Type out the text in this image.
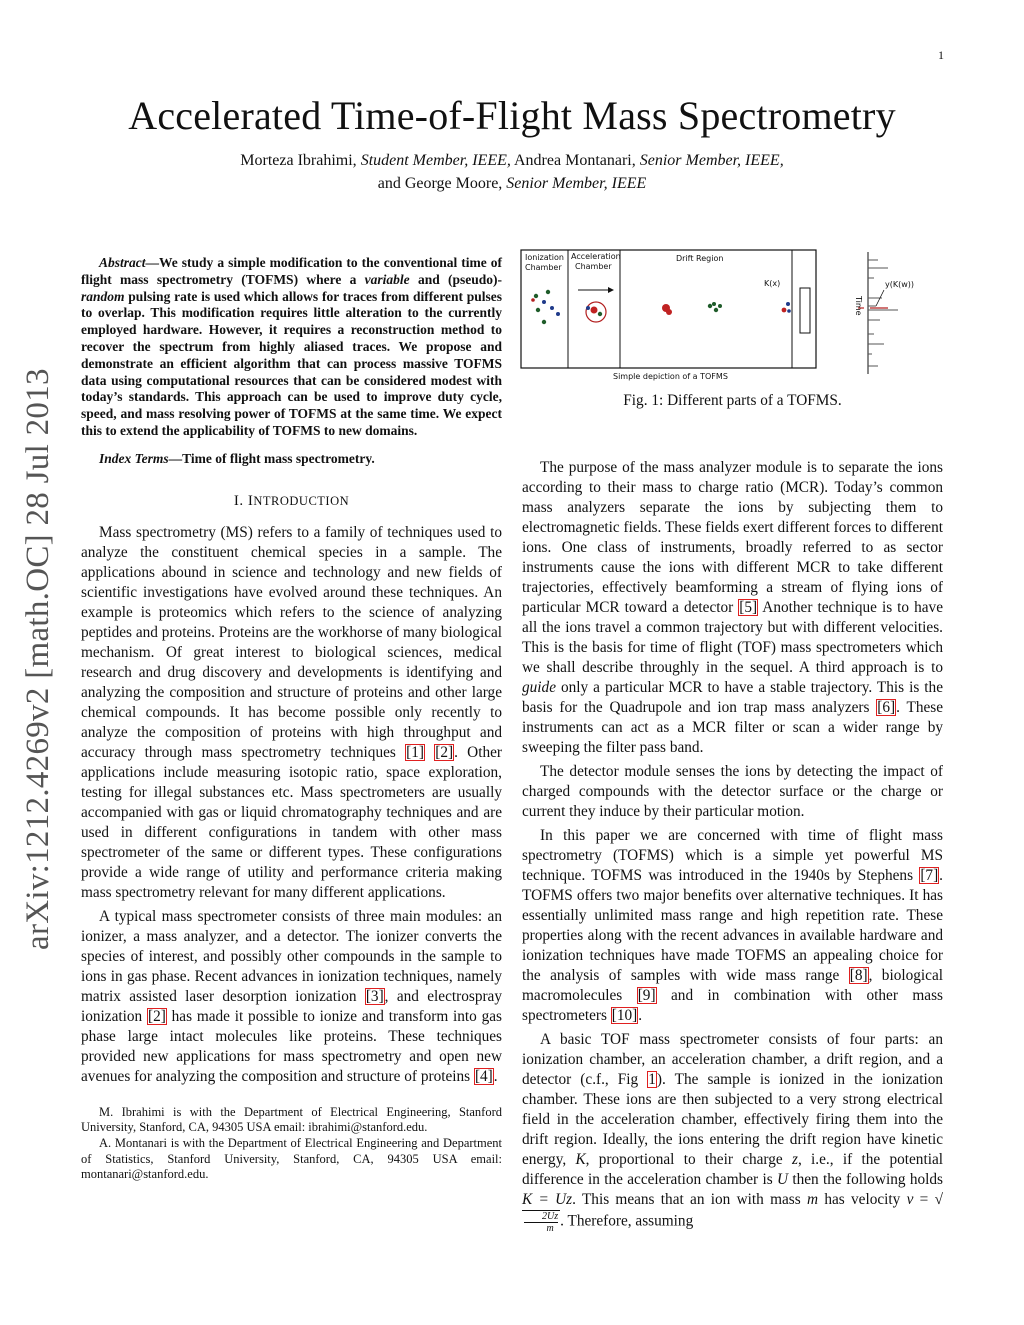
1
Accelerated Time-of-Flight Mass Spectrometry
Morteza Ibrahimi, Student Member, IEEE, Andrea Montanari, Senior Member, IEEE,
and George Moore, Senior Member, IEEE
arXiv:1212.4269v2 [math.OC] 28 Jul 2013

Abstract—We study a simple modification to the conventional time of flight mass spectrometry (TOFMS) where a variable and (pseudo)-random pulsing rate is used which allows for traces from different pulses to overlap. This modification requires little alteration to the currently employed hardware. However, it requires a reconstruction method to recover the spectrum from highly aliased traces. We propose and demonstrate an efficient algorithm that can process massive TOFMS data using computational resources that can be considered modest with today’s standards. This approach can be used to improve duty cycle, speed, and mass resolving power of TOFMS at the same time. We expect this to extend the applicability of TOFMS to new domains.

Index Terms—Time of flight mass spectrometry.

I. INTRODUCTION

Mass spectrometry (MS) refers to a family of techniques used to analyze the constituent chemical species in a sample. The applications abound in science and technology and new fields of scientific investigations have evolved around these techniques. An example is proteomics which refers to the science of analyzing peptides and proteins. Proteins are the workhorse of many biological mechanism. Of great interest to biological sciences, medical research and drug discovery and developments is identifying and analyzing the composition and structure of proteins and other large chemical compounds. It has become possible only recently to analyze the composition of proteins with high throughput and accuracy through mass spectrometry techniques [1] [2]. Other applications include measuring isotopic ratio, space exploration, testing for illegal substances etc. Mass spectrometers are usually accompanied with gas or liquid chromatography techniques and are used in different configurations in tandem with other mass spectrometer of the same or different types. These configurations provide a wide range of utility and performance criteria making mass spectrometry relevant for many different applications.

A typical mass spectrometer consists of three main modules: an ionizer, a mass analyzer, and a detector. The ionizer converts the species of interest, and possibly other compounds in the sample to ions in gas phase. Recent advances in ionization techniques, namely matrix assisted laser desorption ionization [3], and electrospray ionization [2] has made it possible to ionize and transform into gas phase large intact molecules like proteins. These techniques provided new applications for mass spectrometry and open new avenues for analyzing the composition and structure of proteins [4].

M. Ibrahimi is with the Department of Electrical Engineering, Stanford University, Stanford, CA, 94305 USA email: ibrahimi@stanford.edu.

A. Montanari is with the Department of Electrical Engineering and Department of Statistics, Stanford University, Stanford, CA, 94305 USA email: montanari@stanford.edu.

Ionization
Chamber
Acceleration
Chamber
Drift Region
K(x)
Time
y(K(w))
Simple depiction of a TOFMS
Fig. 1: Different parts of a TOFMS.

The purpose of the mass analyzer module is to separate the ions according to their mass to charge ratio (MCR). Today’s common mass analyzers separate the ions by subjecting them to electromagnetic fields. These fields exert different forces to different ions. One class of instruments, broadly referred to as sector instruments cause the ions with different MCR to take different trajectories, effectively beamforming a stream of flying ions of particular MCR toward a detector [5] Another technique is to have all the ions travel a common trajectory but with different velocities. This is the basis for time of flight (TOF) mass spectrometers which we shall describe throughly in the sequel. A third approach is to guide only a particular MCR to have a stable trajectory. This is the basis for the Quadrupole and ion trap mass analyzers [6]. These instruments can act as a MCR filter or scan a wider range by sweeping the filter pass band.

The detector module senses the ions by detecting the impact of charged compounds with the detector surface or the charge or current they induce by their particular motion.

In this paper we are concerned with time of flight mass spectrometry (TOFMS) which is a simple yet powerful MS technique. TOFMS was introduced in the 1940s by Stephens [7]. TOFMS offers two major benefits over alternative techniques. It has essentially unlimited mass range and high repetition rate. These properties along with the recent advances in available hardware and ionization techniques have made TOFMS an appealing choice for the analysis of samples with wide mass range [8], biological macromolecules [9] and in combination with other mass spectrometers [10].

A basic TOF mass spectrometer consists of four parts: an ionization chamber, an acceleration chamber, a drift region, and a detector (c.f., Fig 1). The sample is ionized in the ionization chamber. These ions are then subjected to a very strong electrical field in the acceleration chamber, effectively firing them into the drift region. Ideally, the ions entering the drift region have kinetic energy, K, proportional to their charge z, i.e., if the potential difference in the acceleration chamber is U then the following holds K = Uz. This means that an ion with mass m has velocity v = √
$\frac{2Uz}{m}$ . Therefore, assuming
